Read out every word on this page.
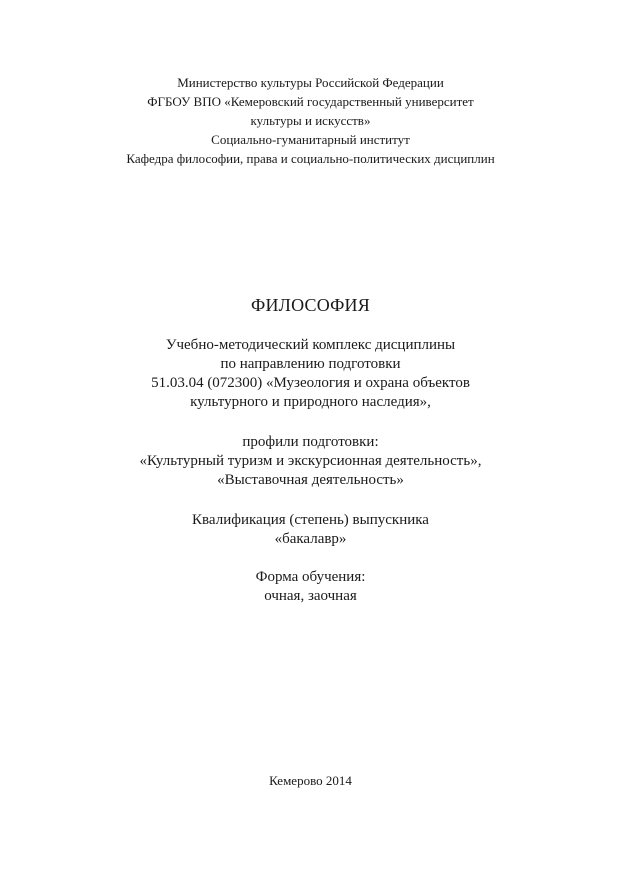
Министерство культуры Российской Федерации
ФГБОУ ВПО «Кемеровский государственный университет
культуры и искусств»
Социально-гуманитарный институт
Кафедра философии, права и социально-политических дисциплин
ФИЛОСОФИЯ
Учебно-методический комплекс дисциплины
по направлению подготовки
51.03.04 (072300) «Музеология и охрана объектов
культурного и природного наследия»,
профили подготовки:
«Культурный туризм и экскурсионная деятельность»,
«Выставочная деятельность»
Квалификация (степень) выпускника
«бакалавр»
Форма обучения:
очная, заочная
Кемерово 2014
